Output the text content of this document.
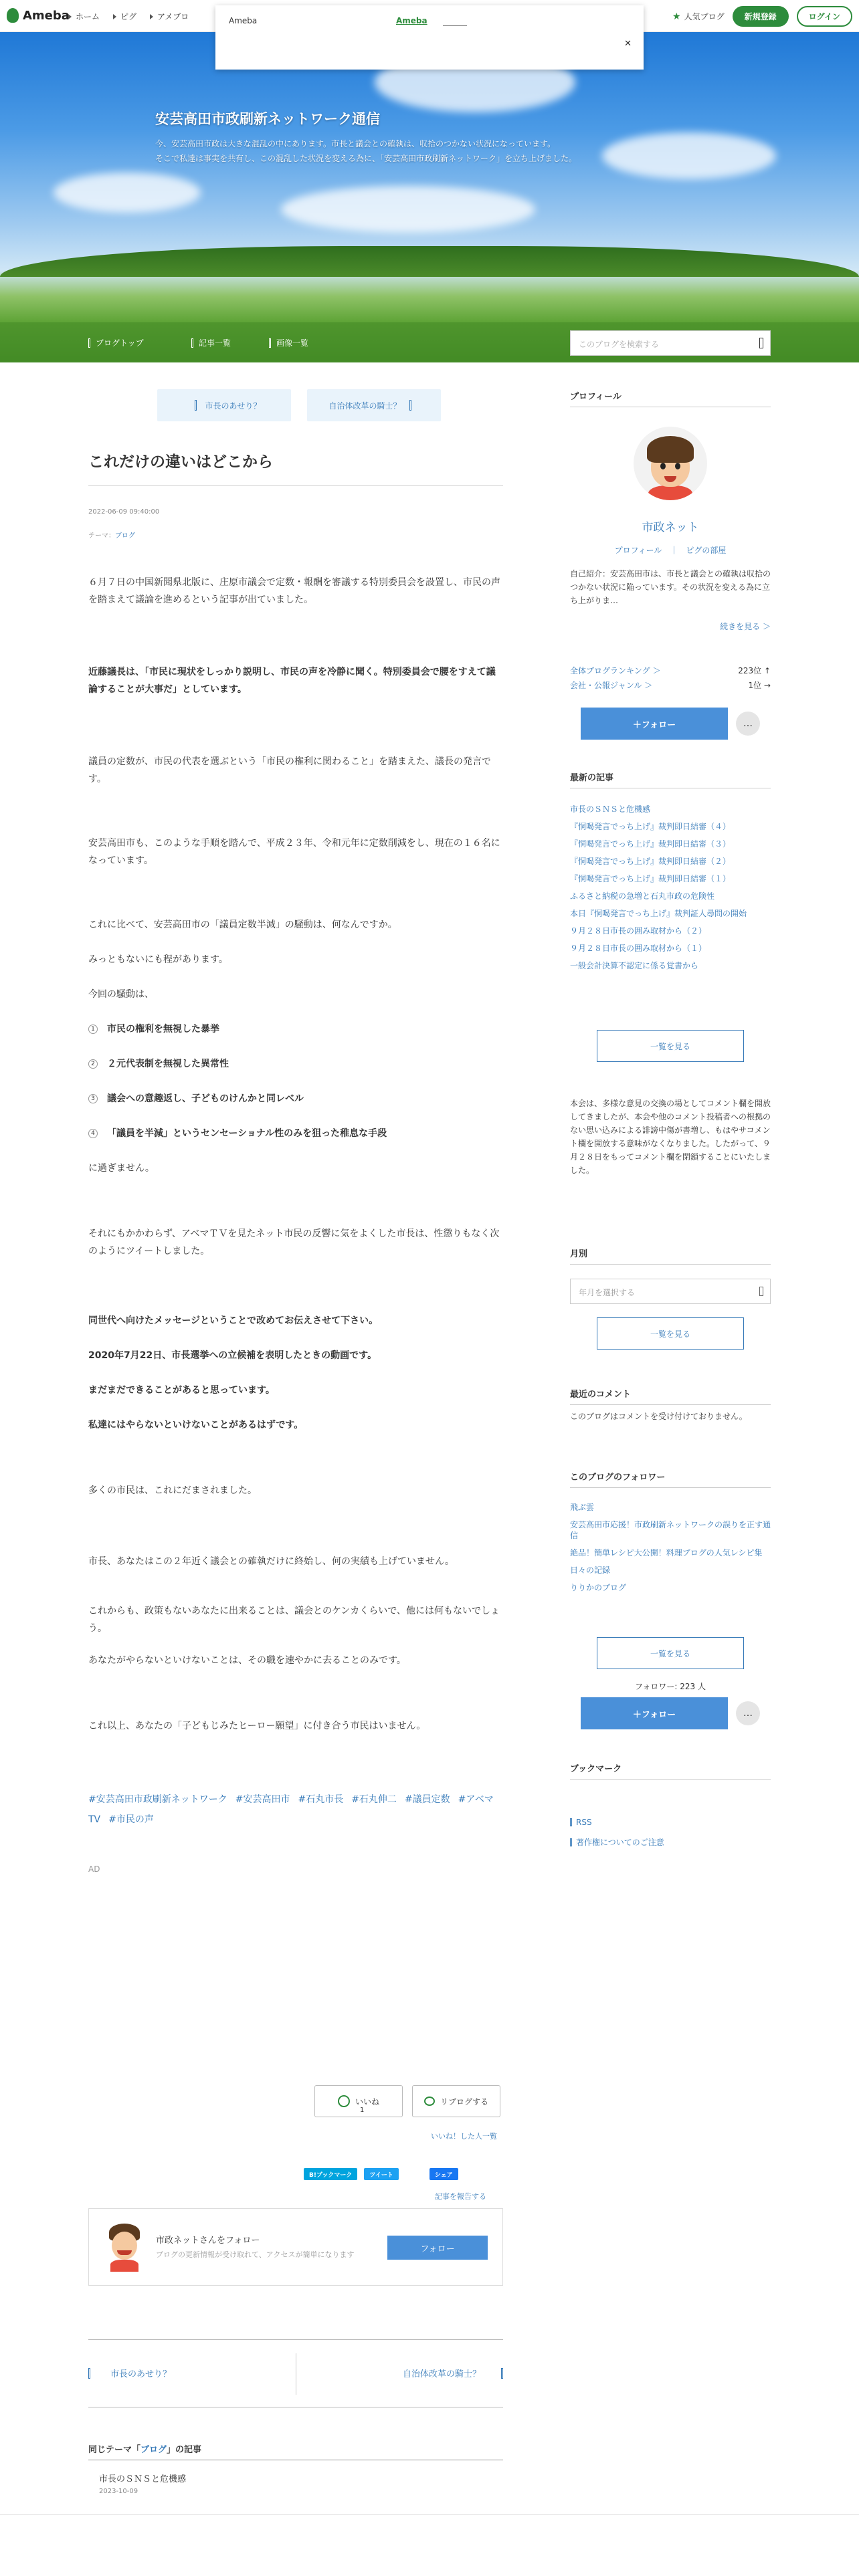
Ameba ホーム	ピグ	アメブロ	★ 人気ブログ	新規登録	ログイン
Ameba	Ameba
✕
安芸高田市政刷新ネットワーク通信
今、安芸高田市政は大きな混乱の中にあります。市長と議会との確執は、収拾のつかない状況になっています。
そこで私達は事実を共有し、この混乱した状況を変える為に、「安芸高田市政刷新ネットワーク」を立ち上げました。
ブログトップ	記事一覧	画像一覧	このブログを検索する
市長のあせり？	自治体改革の騎士？
これだけの違いはどこから
2022-06-09 09:40:00
テーマ：ブログ
６月７日の中国新聞県北版に、庄原市議会で定数・報酬を審議する特別委員会を設置し、市民の声を踏まえて議論を進めるという記事が出ていました。
近藤議長は、「市民に現状をしっかり説明し、市民の声を冷静に聞く。特別委員会で腰をすえて議論することが大事だ」としています。
議員の定数が、市民の代表を選ぶという「市民の権利に関わること」を踏まえた、議長の発言です。
安芸高田市も、このような手順を踏んで、平成２３年、令和元年に定数削減をし、現在の１６名になっています。
これに比べて、安芸高田市の「議員定数半減」の騒動は、何なんですか。
みっともないにも程があります。
今回の騒動は、
1 市民の権利を無視した暴挙
2 ２元代表制を無視した異常性
3 議会への意趣返し、子どものけんかと同レベル
4 「議員を半減」というセンセーショナル性のみを狙った稚息な手段
に過ぎません。
それにもかかわらず、アベマＴＶを見たネット市民の反響に気をよくした市長は、性懲りもなく次のようにツイートしました。
同世代へ向けたメッセージということで改めてお伝えさせて下さい。
2020年7月22日、市長選挙への立候補を表明したときの動画です。
まだまだできることがあると思っています。
私達にはやらないといけないことがあるはずです。
多くの市民は、これにだまされました。
市長、あなたはこの２年近く議会との確執だけに終始し、何の実績も上げていません。
これからも、政策もないあなたに出来ることは、議会とのケンカくらいで、他には何もないでしょう。
あなたがやらないといけないことは、その職を速やかに去ることのみです。
これ以上、あなたの「子どもじみたヒーロー願望」に付き合う市民はいません。
#安芸高田市政刷新ネットワーク #安芸高田市 #石丸市長 #石丸伸二 #議員定数 #アベマTV #市民の声
AD
いいね
1
リブログする
いいね！した人一覧
B!ブックマーク	ツイート	シェア
記事を報告する
市政ネットさんをフォロー
ブログの更新情報が受け取れて、アクセスが簡単になります
フォロー
市長のあせり？	自治体改革の騎士？
同じテーマ「ブログ」の記事
市長のＳＮＳと危機感
2023-10-09
プロフィール
市政ネット
プロフィール　｜　ピグの部屋
自己紹介：安芸高田市は、市長と議会との確執は収拾のつかない状況に陥っています。その状況を変える為に立ち上がりま…
続きを見る ＞
全体ブログランキング ＞	223位 ↑
会社・公報ジャンル ＞	1位 →
＋フォロー	…
最新の記事
市長のＳＮＳと危機感
『恫喝発言でっち上げ』裁判即日結審（４）
『恫喝発言でっち上げ』裁判即日結審（３）
『恫喝発言でっち上げ』裁判即日結審（２）
『恫喝発言でっち上げ』裁判即日結審（１）
ふるさと納税の急増と石丸市政の危険性
本日『恫喝発言でっち上げ』裁判証人尋問の開始
９月２８日市長の囲み取材から（２）
９月２８日市長の囲み取材から（１）
一般会計決算不認定に係る覚書から
一覧を見る
本会は、多様な意見の交換の場としてコメント欄を開放してきましたが、本会や他のコメント投稿者への根拠のない思い込みによる誹謗中傷が書増し、もはやサコメント欄を開放する意味がなくなりました。したがって、９月２８日をもってコメント欄を閉鎖することにいたしました。
月別
年月を選択する
一覧を見る
最近のコメント
このブログはコメントを受け付けておりません。
このブログのフォロワー
飛ぶ雲
安芸高田市応援！市政刷新ネットワークの誤りを正す通信
絶品！簡単レシピ大公開！料理ブログの人気レシピ集
日々の記録
りりかのブログ
一覧を見る
フォロワー: 223 人
＋フォロー	…
ブックマーク
RSS
著作権についてのご注意
